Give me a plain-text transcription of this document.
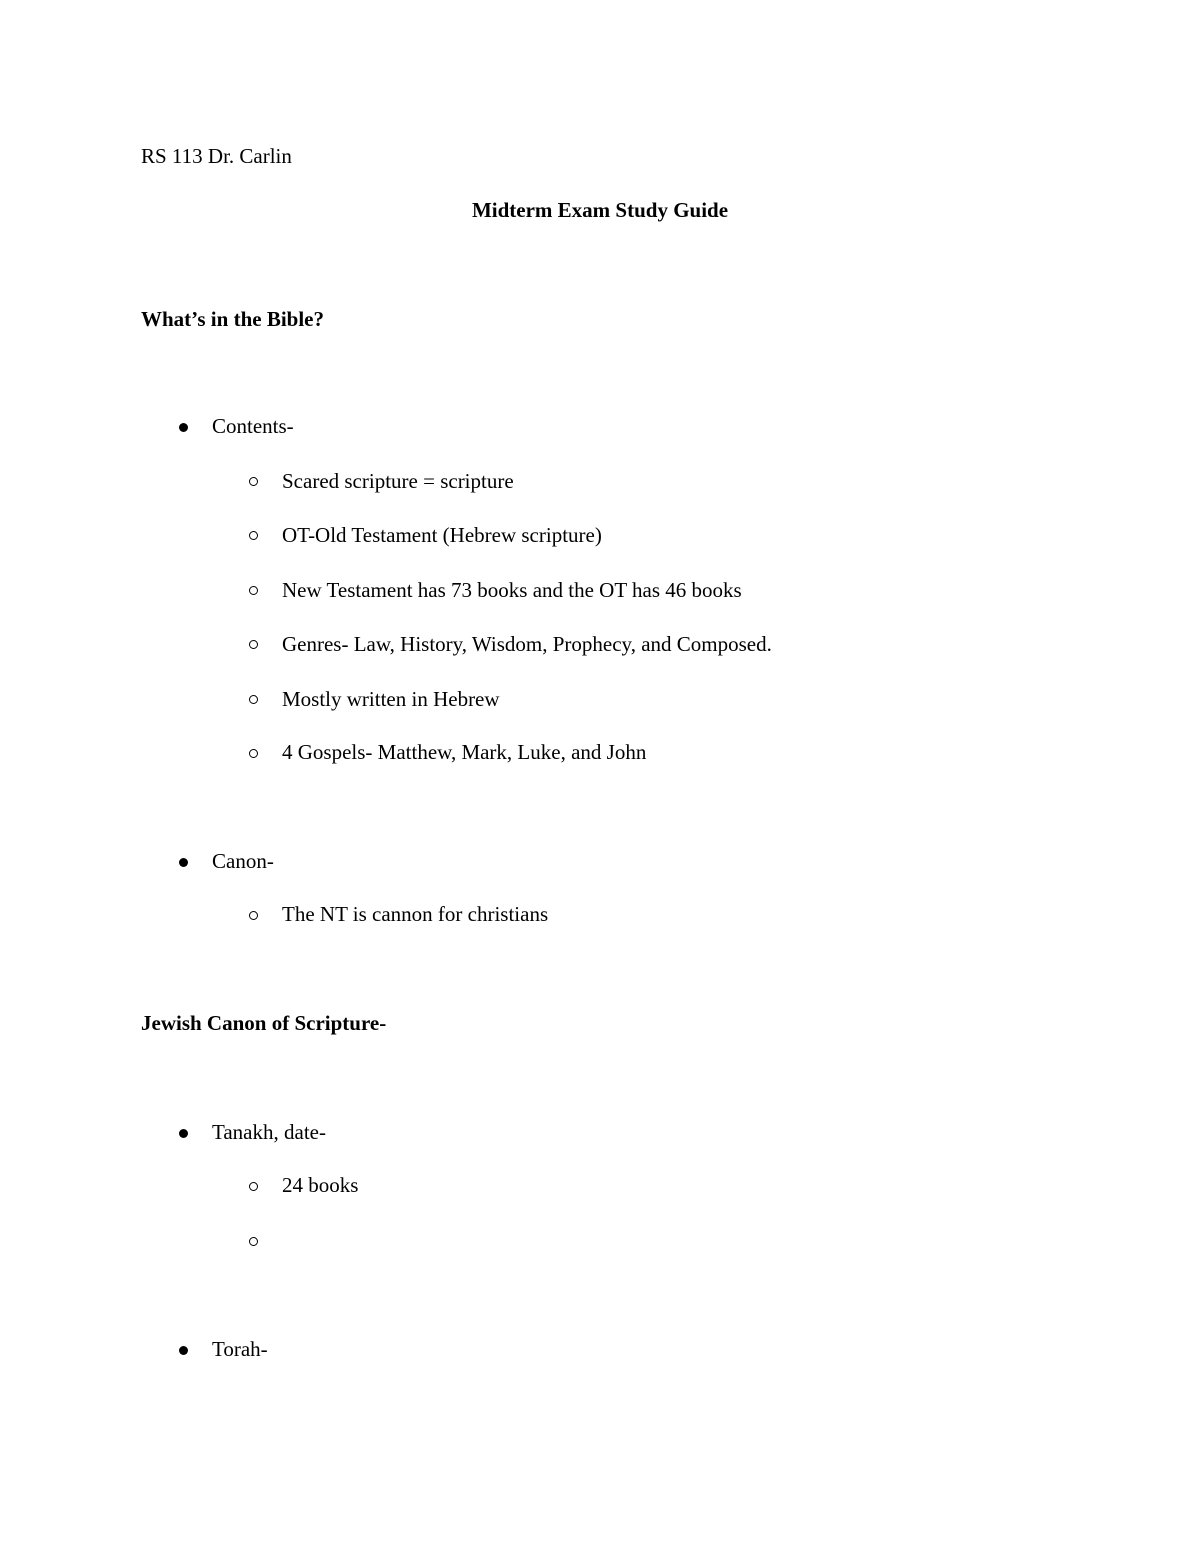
RS 113 Dr. Carlin
Midterm Exam Study Guide
What’s in the Bible?
Contents-
Scared scripture = scripture
OT-Old Testament (Hebrew scripture)
New Testament has 73 books and the OT has 46 books
Genres- Law, History, Wisdom, Prophecy, and Composed.
Mostly written in Hebrew
4 Gospels- Matthew, Mark, Luke, and John
Canon-
The NT is cannon for christians
Jewish Canon of Scripture-
Tanakh, date-
24 books
Torah-
